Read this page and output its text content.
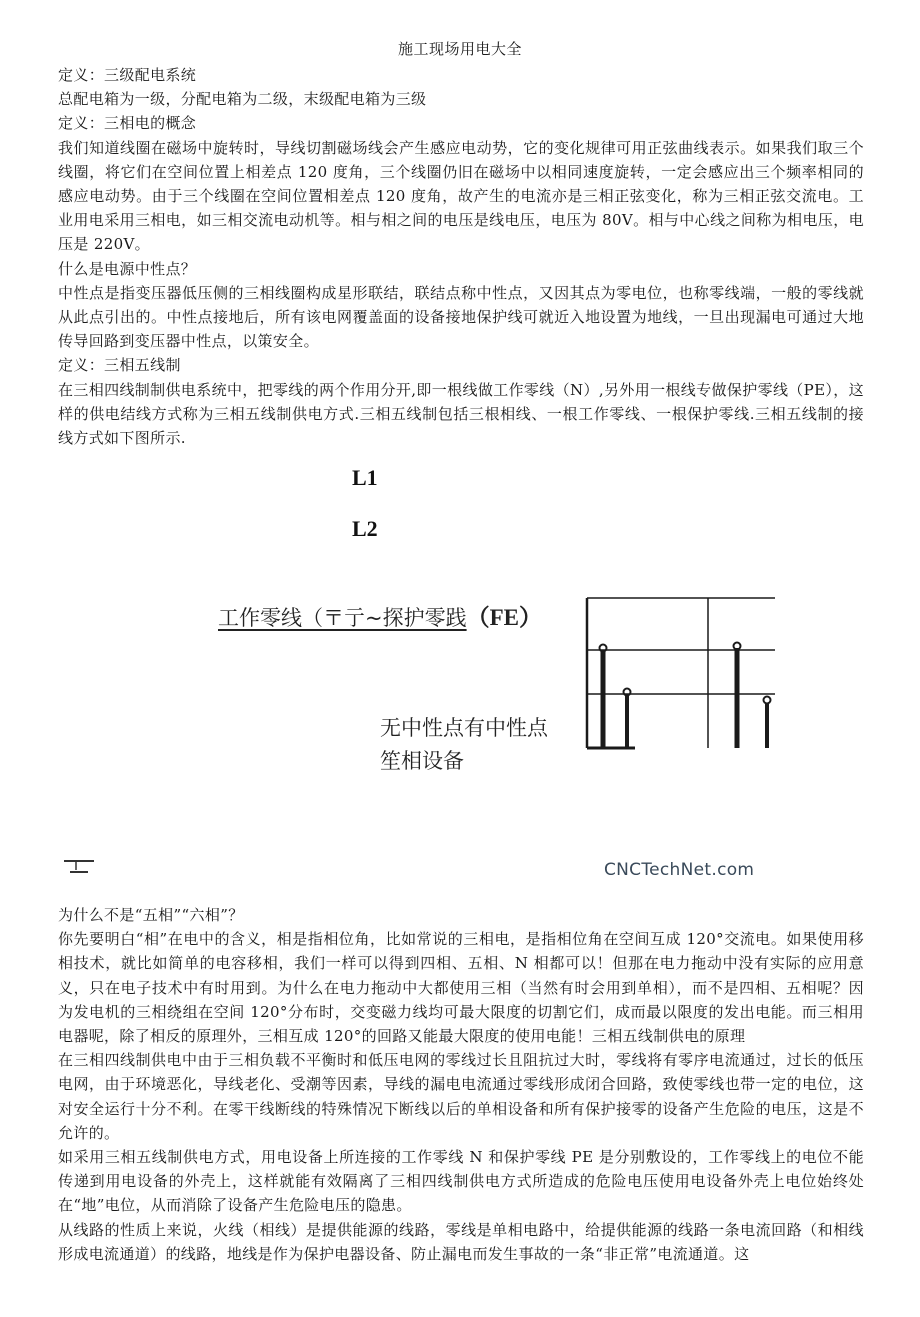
施工现场用电大全

定义：三级配电系统

总配电箱为一级，分配电箱为二级，末级配电箱为三级

定义：三相电的概念

我们知道线圈在磁场中旋转时，导线切割磁场线会产生感应电动势，它的变化规律可用正弦曲线表示。如果我们取三个线圈，将它们在空间位置上相差点 120 度角，三个线圈仍旧在磁场中以相同速度旋转，一定会感应出三个频率相同的感应电动势。由于三个线圈在空间位置相差点 120 度角，故产生的电流亦是三相正弦变化，称为三相正弦交流电。工业用电采用三相电，如三相交流电动机等。相与相之间的电压是线电压，电压为 80V。相与中心线之间称为相电压，电压是 220V。

什么是电源中性点？

中性点是指变压器低压侧的三相线圈构成星形联结，联结点称中性点，又因其点为零电位，也称零线端，一般的零线就从此点引出的。中性点接地后，所有该电网覆盖面的设备接地保护线可就近入地设置为地线，一旦出现漏电可通过大地传导回路到变压器中性点，以策安全。

定义：三相五线制

在三相四线制制供电系统中，把零线的两个作用分开,即一根线做工作零线（N）,另外用一根线专做保护零线（PE），这样的供电结线方式称为三相五线制供电方式.三相五线制包括三根相线、一根工作零线、一根保护零线.三相五线制的接线方式如下图所示.

L1
L2
工作零线（〒亍~探护零践（FE）
无中性点有中性点
笙相设备
CNCTechNet.com

为什么不是“五相”“六相”？

你先要明白“相”在电中的含义，相是指相位角，比如常说的三相电，是指相位角在空间互成 120°交流电。如果使用移相技术，就比如简单的电容移相，我们一样可以得到四相、五相、N 相都可以！但那在电力拖动中没有实际的应用意义，只在电子技术中有时用到。为什么在电力拖动中大都使用三相（当然有时会用到单相），而不是四相、五相呢？因为发电机的三相绕组在空间 120°分布时，交变磁力线均可最大限度的切割它们，成而最以限度的发出电能。而三相用电器呢，除了相反的原理外，三相互成 120°的回路又能最大限度的使用电能！三相五线制供电的原理

在三相四线制供电中由于三相负载不平衡时和低压电网的零线过长且阻抗过大时，零线将有零序电流通过，过长的低压电网，由于环境恶化，导线老化、受潮等因素，导线的漏电电流通过零线形成闭合回路，致使零线也带一定的电位，这对安全运行十分不利。在零干线断线的特殊情况下断线以后的单相设备和所有保护接零的设备产生危险的电压，这是不允许的。

如采用三相五线制供电方式，用电设备上所连接的工作零线 N 和保护零线 PE 是分别敷设的，工作零线上的电位不能传递到用电设备的外壳上，这样就能有效隔离了三相四线制供电方式所造成的危险电压使用电设备外壳上电位始终处在“地”电位，从而消除了设备产生危险电压的隐患。

从线路的性质上来说，火线（相线）是提供能源的线路，零线是单相电路中，给提供能源的线路一条电流回路（和相线形成电流通道）的线路，地线是作为保护电器设备、防止漏电而发生事故的一条“非正常”电流通道。这
